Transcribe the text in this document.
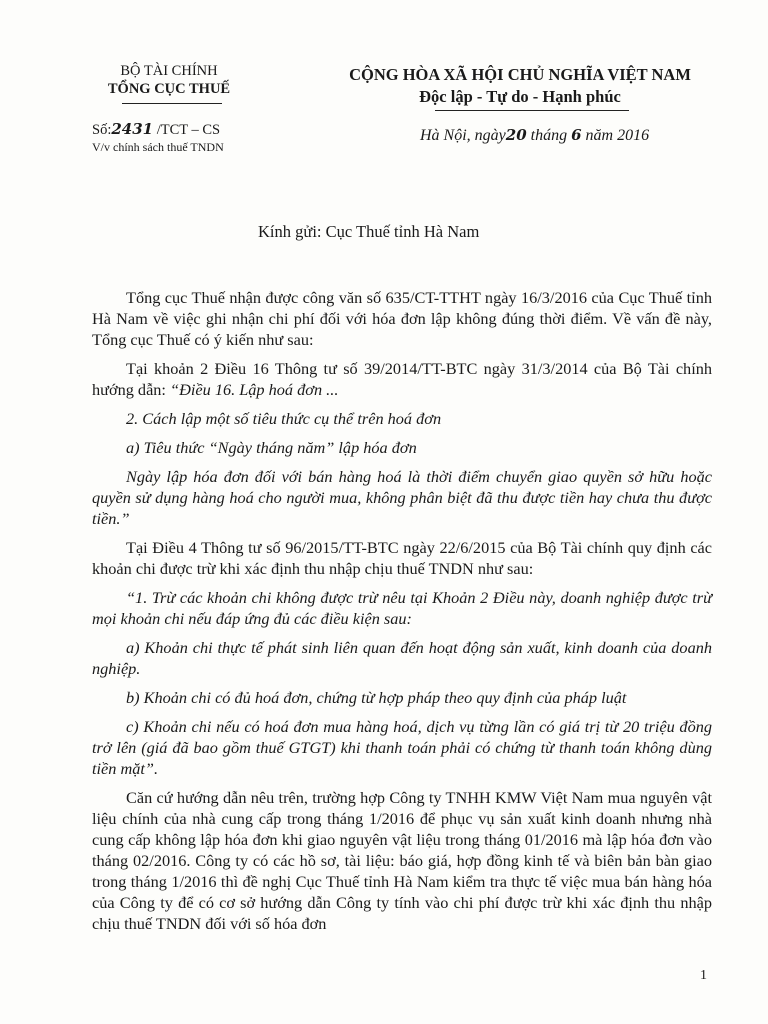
BỘ TÀI CHÍNH
TỔNG CỤC THUẾ
CỘNG HÒA XÃ HỘI CHỦ NGHĨA VIỆT NAM
Độc lập - Tự do - Hạnh phúc
Số:2431 /TCT – CS
V/v chính sách thuế TNDN
Hà Nội, ngày20 tháng 6 năm 2016
Kính gửi: Cục Thuế tỉnh Hà Nam

Tổng cục Thuế nhận được công văn số 635/CT-TTHT ngày 16/3/2016 của Cục Thuế tỉnh Hà Nam về việc ghi nhận chi phí đối với hóa đơn lập không đúng thời điểm. Về vấn đề này, Tổng cục Thuế có ý kiến như sau:

Tại khoản 2 Điều 16 Thông tư số 39/2014/TT-BTC ngày 31/3/2014 của Bộ Tài chính hướng dẫn: “Điều 16. Lập hoá đơn ...

2. Cách lập một số tiêu thức cụ thể trên hoá đơn

a) Tiêu thức “Ngày tháng năm” lập hóa đơn

Ngày lập hóa đơn đối với bán hàng hoá là thời điểm chuyển giao quyền sở hữu hoặc quyền sử dụng hàng hoá cho người mua, không phân biệt đã thu được tiền hay chưa thu được tiền.”

Tại Điều 4 Thông tư số 96/2015/TT-BTC ngày 22/6/2015 của Bộ Tài chính quy định các khoản chi được trừ khi xác định thu nhập chịu thuế TNDN như sau:

“1. Trừ các khoản chi không được trừ nêu tại Khoản 2 Điều này, doanh nghiệp được trừ mọi khoản chi nếu đáp ứng đủ các điều kiện sau:

a) Khoản chi thực tế phát sinh liên quan đến hoạt động sản xuất, kinh doanh của doanh nghiệp.

b) Khoản chi có đủ hoá đơn, chứng từ hợp pháp theo quy định của pháp luật

c) Khoản chi nếu có hoá đơn mua hàng hoá, dịch vụ từng lần có giá trị từ 20 triệu đồng trở lên (giá đã bao gồm thuế GTGT) khi thanh toán phải có chứng từ thanh toán không dùng tiền mặt”.

Căn cứ hướng dẫn nêu trên, trường hợp Công ty TNHH KMW Việt Nam mua nguyên vật liệu chính của nhà cung cấp trong tháng 1/2016 để phục vụ sản xuất kinh doanh nhưng nhà cung cấp không lập hóa đơn khi giao nguyên vật liệu trong tháng 01/2016 mà lập hóa đơn vào tháng 02/2016. Công ty có các hồ sơ, tài liệu: báo giá, hợp đồng kinh tế và biên bản bàn giao trong tháng 1/2016 thì đề nghị Cục Thuế tỉnh Hà Nam kiểm tra thực tế việc mua bán hàng hóa của Công ty để có cơ sở hướng dẫn Công ty tính vào chi phí được trừ khi xác định thu nhập chịu thuế TNDN đối với số hóa đơn

1
